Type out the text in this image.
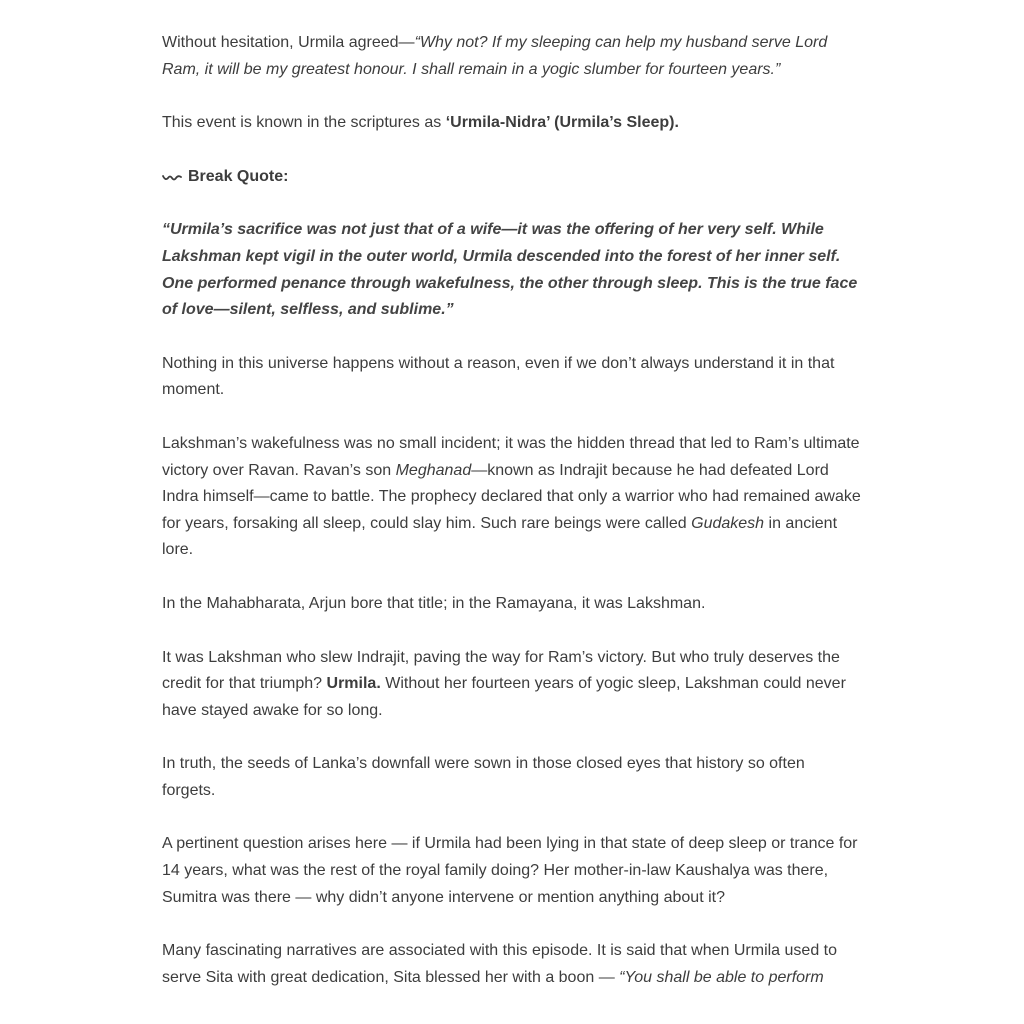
Without hesitation, Urmila agreed—“Why not? If my sleeping can help my husband serve Lord Ram, it will be my greatest honour. I shall remain in a yogic slumber for fourteen years.”

This event is known in the scriptures as ‘Urmila-Nidra’ (Urmila’s Sleep).

Break Quote:

“Urmila’s sacrifice was not just that of a wife—it was the offering of her very self. While Lakshman kept vigil in the outer world, Urmila descended into the forest of her inner self. One performed penance through wakefulness, the other through sleep. This is the true face of love—silent, selfless, and sublime.”

Nothing in this universe happens without a reason, even if we don’t always understand it in that moment.

Lakshman’s wakefulness was no small incident; it was the hidden thread that led to Ram’s ultimate victory over Ravan. Ravan’s son Meghanad—known as Indrajit because he had defeated Lord Indra himself—came to battle. The prophecy declared that only a warrior who had remained awake for years, forsaking all sleep, could slay him. Such rare beings were called Gudakesh in ancient lore.

In the Mahabharata, Arjun bore that title; in the Ramayana, it was Lakshman.

It was Lakshman who slew Indrajit, paving the way for Ram’s victory. But who truly deserves the credit for that triumph? Urmila. Without her fourteen years of yogic sleep, Lakshman could never have stayed awake for so long.

In truth, the seeds of Lanka’s downfall were sown in those closed eyes that history so often forgets.

A pertinent question arises here — if Urmila had been lying in that state of deep sleep or trance for 14 years, what was the rest of the royal family doing? Her mother-in-law Kaushalya was there, Sumitra was there — why didn’t anyone intervene or mention anything about it?

Many fascinating narratives are associated with this episode. It is said that when Urmila used to serve Sita with great dedication, Sita blessed her with a boon — “You shall be able to perform
